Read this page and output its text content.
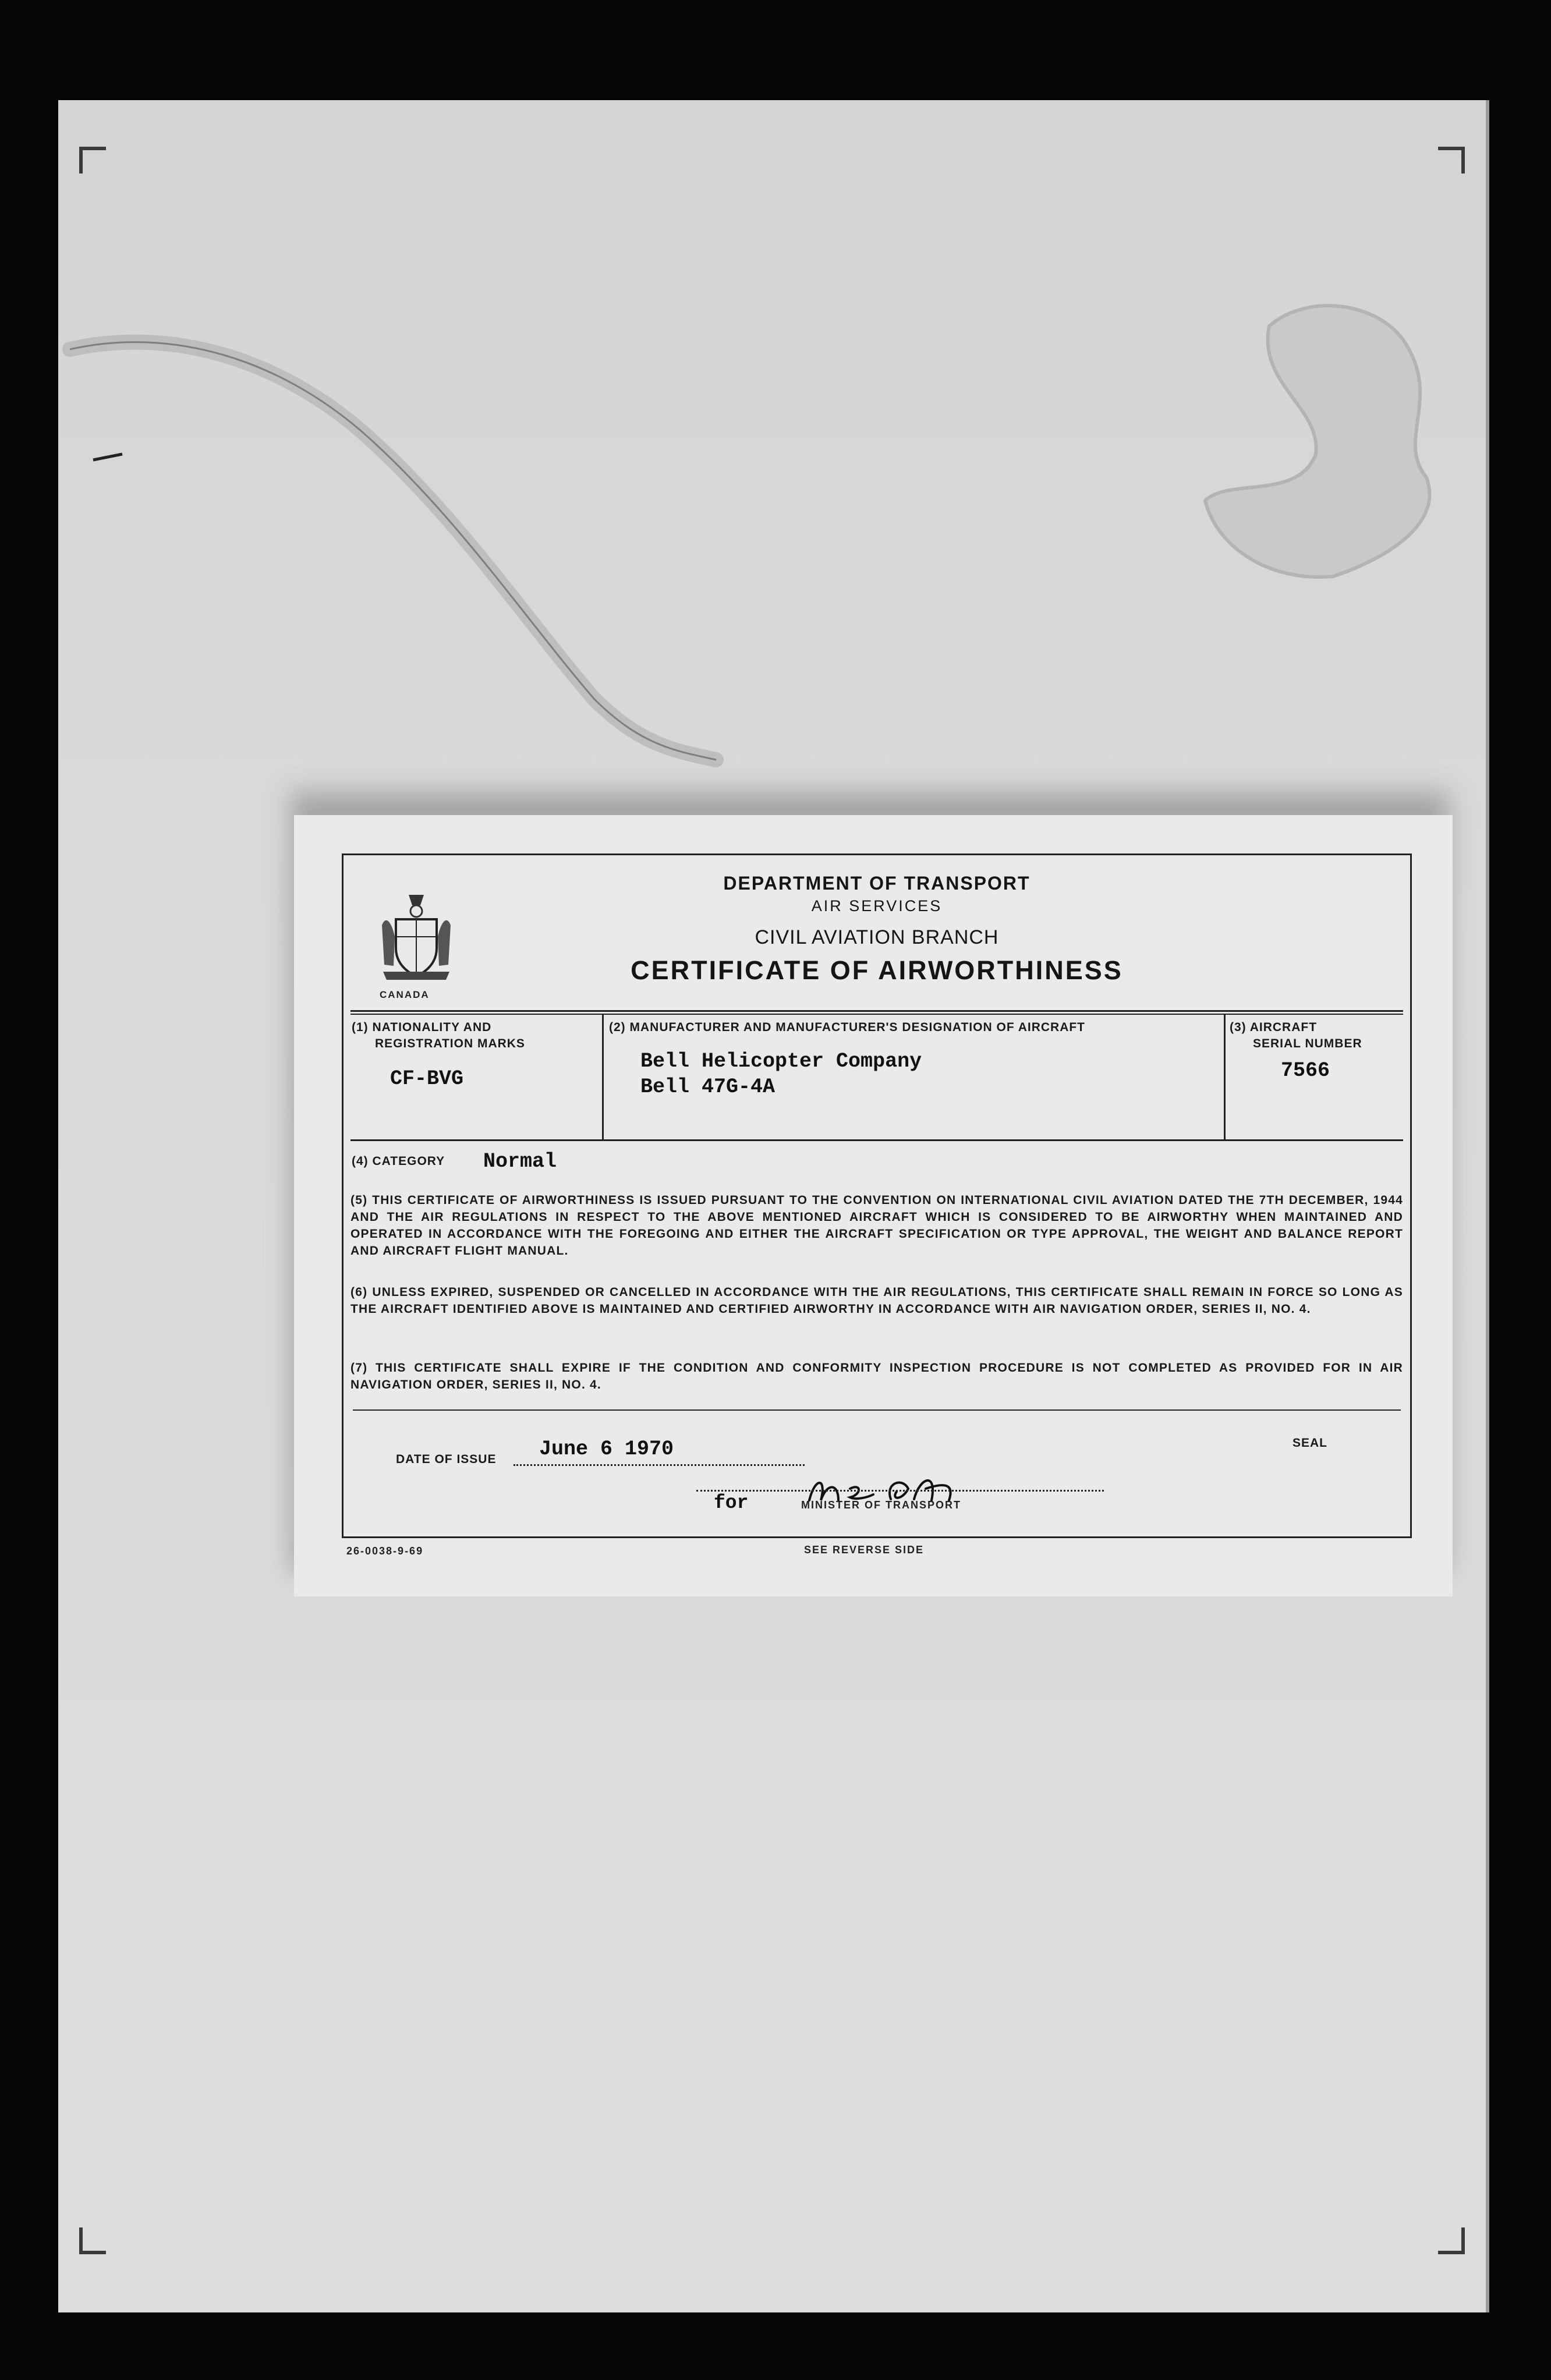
CANADA
DEPARTMENT OF TRANSPORT
AIR SERVICES
CIVIL AVIATION BRANCH
CERTIFICATE OF AIRWORTHINESS
(1) NATIONALITY AND
REGISTRATION MARKS
CF-BVG
(2) MANUFACTURER AND MANUFACTURER'S DESIGNATION OF AIRCRAFT
Bell Helicopter Company
Bell 47G-4A
(3) AIRCRAFT
SERIAL NUMBER
7566
(4) CATEGORY Normal
(5) THIS CERTIFICATE OF AIRWORTHINESS IS ISSUED PURSUANT TO THE CONVENTION ON INTERNATIONAL CIVIL AVIATION DATED THE 7TH DECEMBER, 1944 AND THE AIR REGULATIONS IN RESPECT TO THE ABOVE MENTIONED AIRCRAFT WHICH IS CONSIDERED TO BE AIRWORTHY WHEN MAINTAINED AND OPERATED IN ACCORDANCE WITH THE FOREGOING AND EITHER THE AIRCRAFT SPECIFICATION OR TYPE APPROVAL, THE WEIGHT AND BALANCE REPORT AND AIRCRAFT FLIGHT MANUAL.
(6) UNLESS EXPIRED, SUSPENDED OR CANCELLED IN ACCORDANCE WITH THE AIR REGULATIONS, THIS CERTIFICATE SHALL REMAIN IN FORCE SO LONG AS THE AIRCRAFT IDENTIFIED ABOVE IS MAINTAINED AND CERTIFIED AIRWORTHY IN ACCORDANCE WITH AIR NAVIGATION ORDER, SERIES II, NO. 4.
(7) THIS CERTIFICATE SHALL EXPIRE IF THE CONDITION AND CONFORMITY INSPECTION PROCEDURE IS NOT COMPLETED AS PROVIDED FOR IN AIR NAVIGATION ORDER, SERIES II, NO. 4.
DATE OF ISSUE June 6 1970	SEAL
for	MINISTER OF TRANSPORT
26-0038-9-69	SEE REVERSE SIDE
